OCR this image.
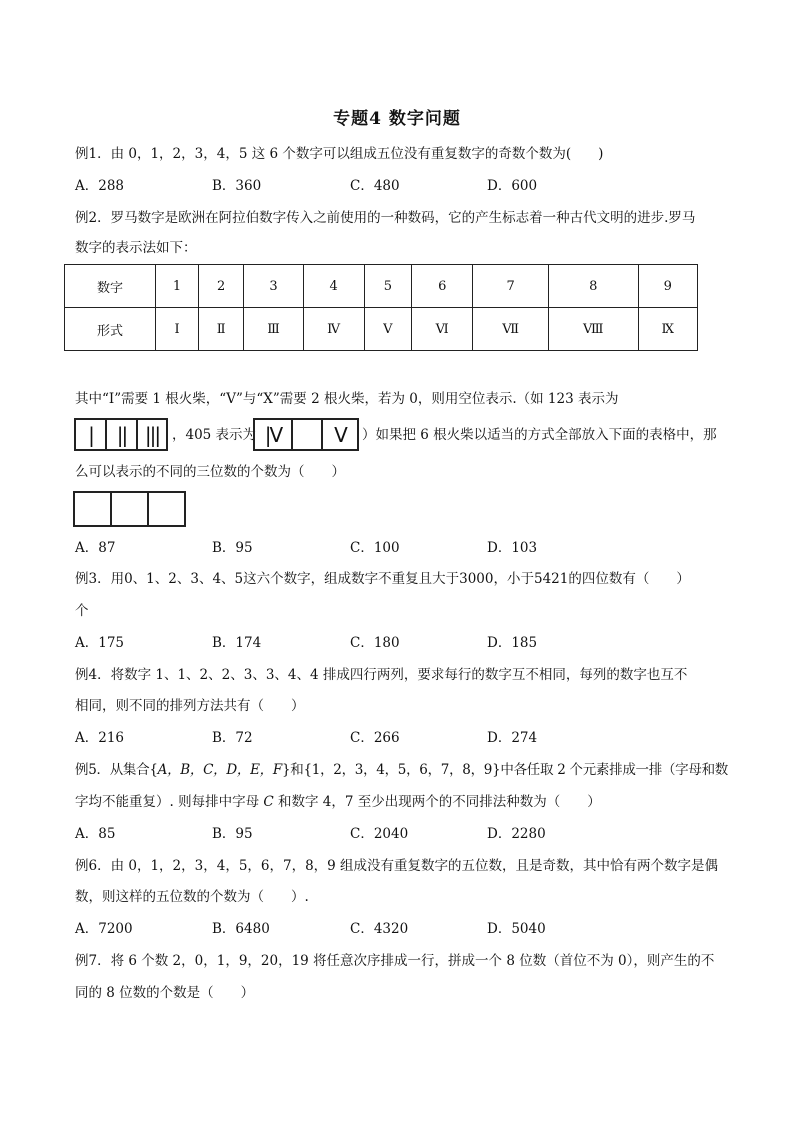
专题4 数字问题
例1．由 0，1，2，3，4，5 这 6 个数字可以组成五位没有重复数字的奇数个数为(　　)
A．288	B．360	C．480	D．600
例2．罗马数字是欧洲在阿拉伯数字传入之前使用的一种数码，它的产生标志着一种古代文明的进步.罗马
数字的表示法如下：
数字	1	2	3	4	5	6	7	8	9
形式	Ⅰ	Ⅱ	Ⅲ	Ⅳ	Ⅴ	Ⅵ	Ⅶ	Ⅷ	Ⅸ
其中“Ⅰ”需要 1 根火柴，“Ⅴ”与“X”需要 2 根火柴，若为 0，则用空位表示.（如 123 表示为
|	|| ||| ，405 表示为 |V	V	）如果把 6 根火柴以适当的方式全部放入下面的表格中，那
么可以表示的不同的三位数的个数为（　　）
A．87	B．95	C．100	D．103
例3．用0、1、2、3、4、5这六个数字，组成数字不重复且大于3000，小于5421的四位数有（　　）
个
A．175	B．174	C．180	D．185
例4．将数字 1、1、2、2、3、3、4、4 排成四行两列，要求每行的数字互不相同，每列的数字也互不
相同，则不同的排列方法共有（　　）
A．216	B．72	C．266	D．274
例5．从集合{A，B，C，D，E，F}和{1，2，3，4，5，6，7，8，9}中各任取 2 个元素排成一排（字母和数
字均不能重复）. 则每排中字母 C 和数字 4，7 至少出现两个的不同排法种数为（　　）
A．85	B．95	C．2040	D．2280
例6．由 0，1，2，3，4，5，6，7，8，9 组成没有重复数字的五位数，且是奇数，其中恰有两个数字是偶
数，则这样的五位数的个数为（　　）.
A．7200	B．6480	C．4320	D．5040
例7．将 6 个数 2，0，1，9，20，19 将任意次序排成一行，拼成一个 8 位数（首位不为 0），则产生的不
同的 8 位数的个数是（　　）
